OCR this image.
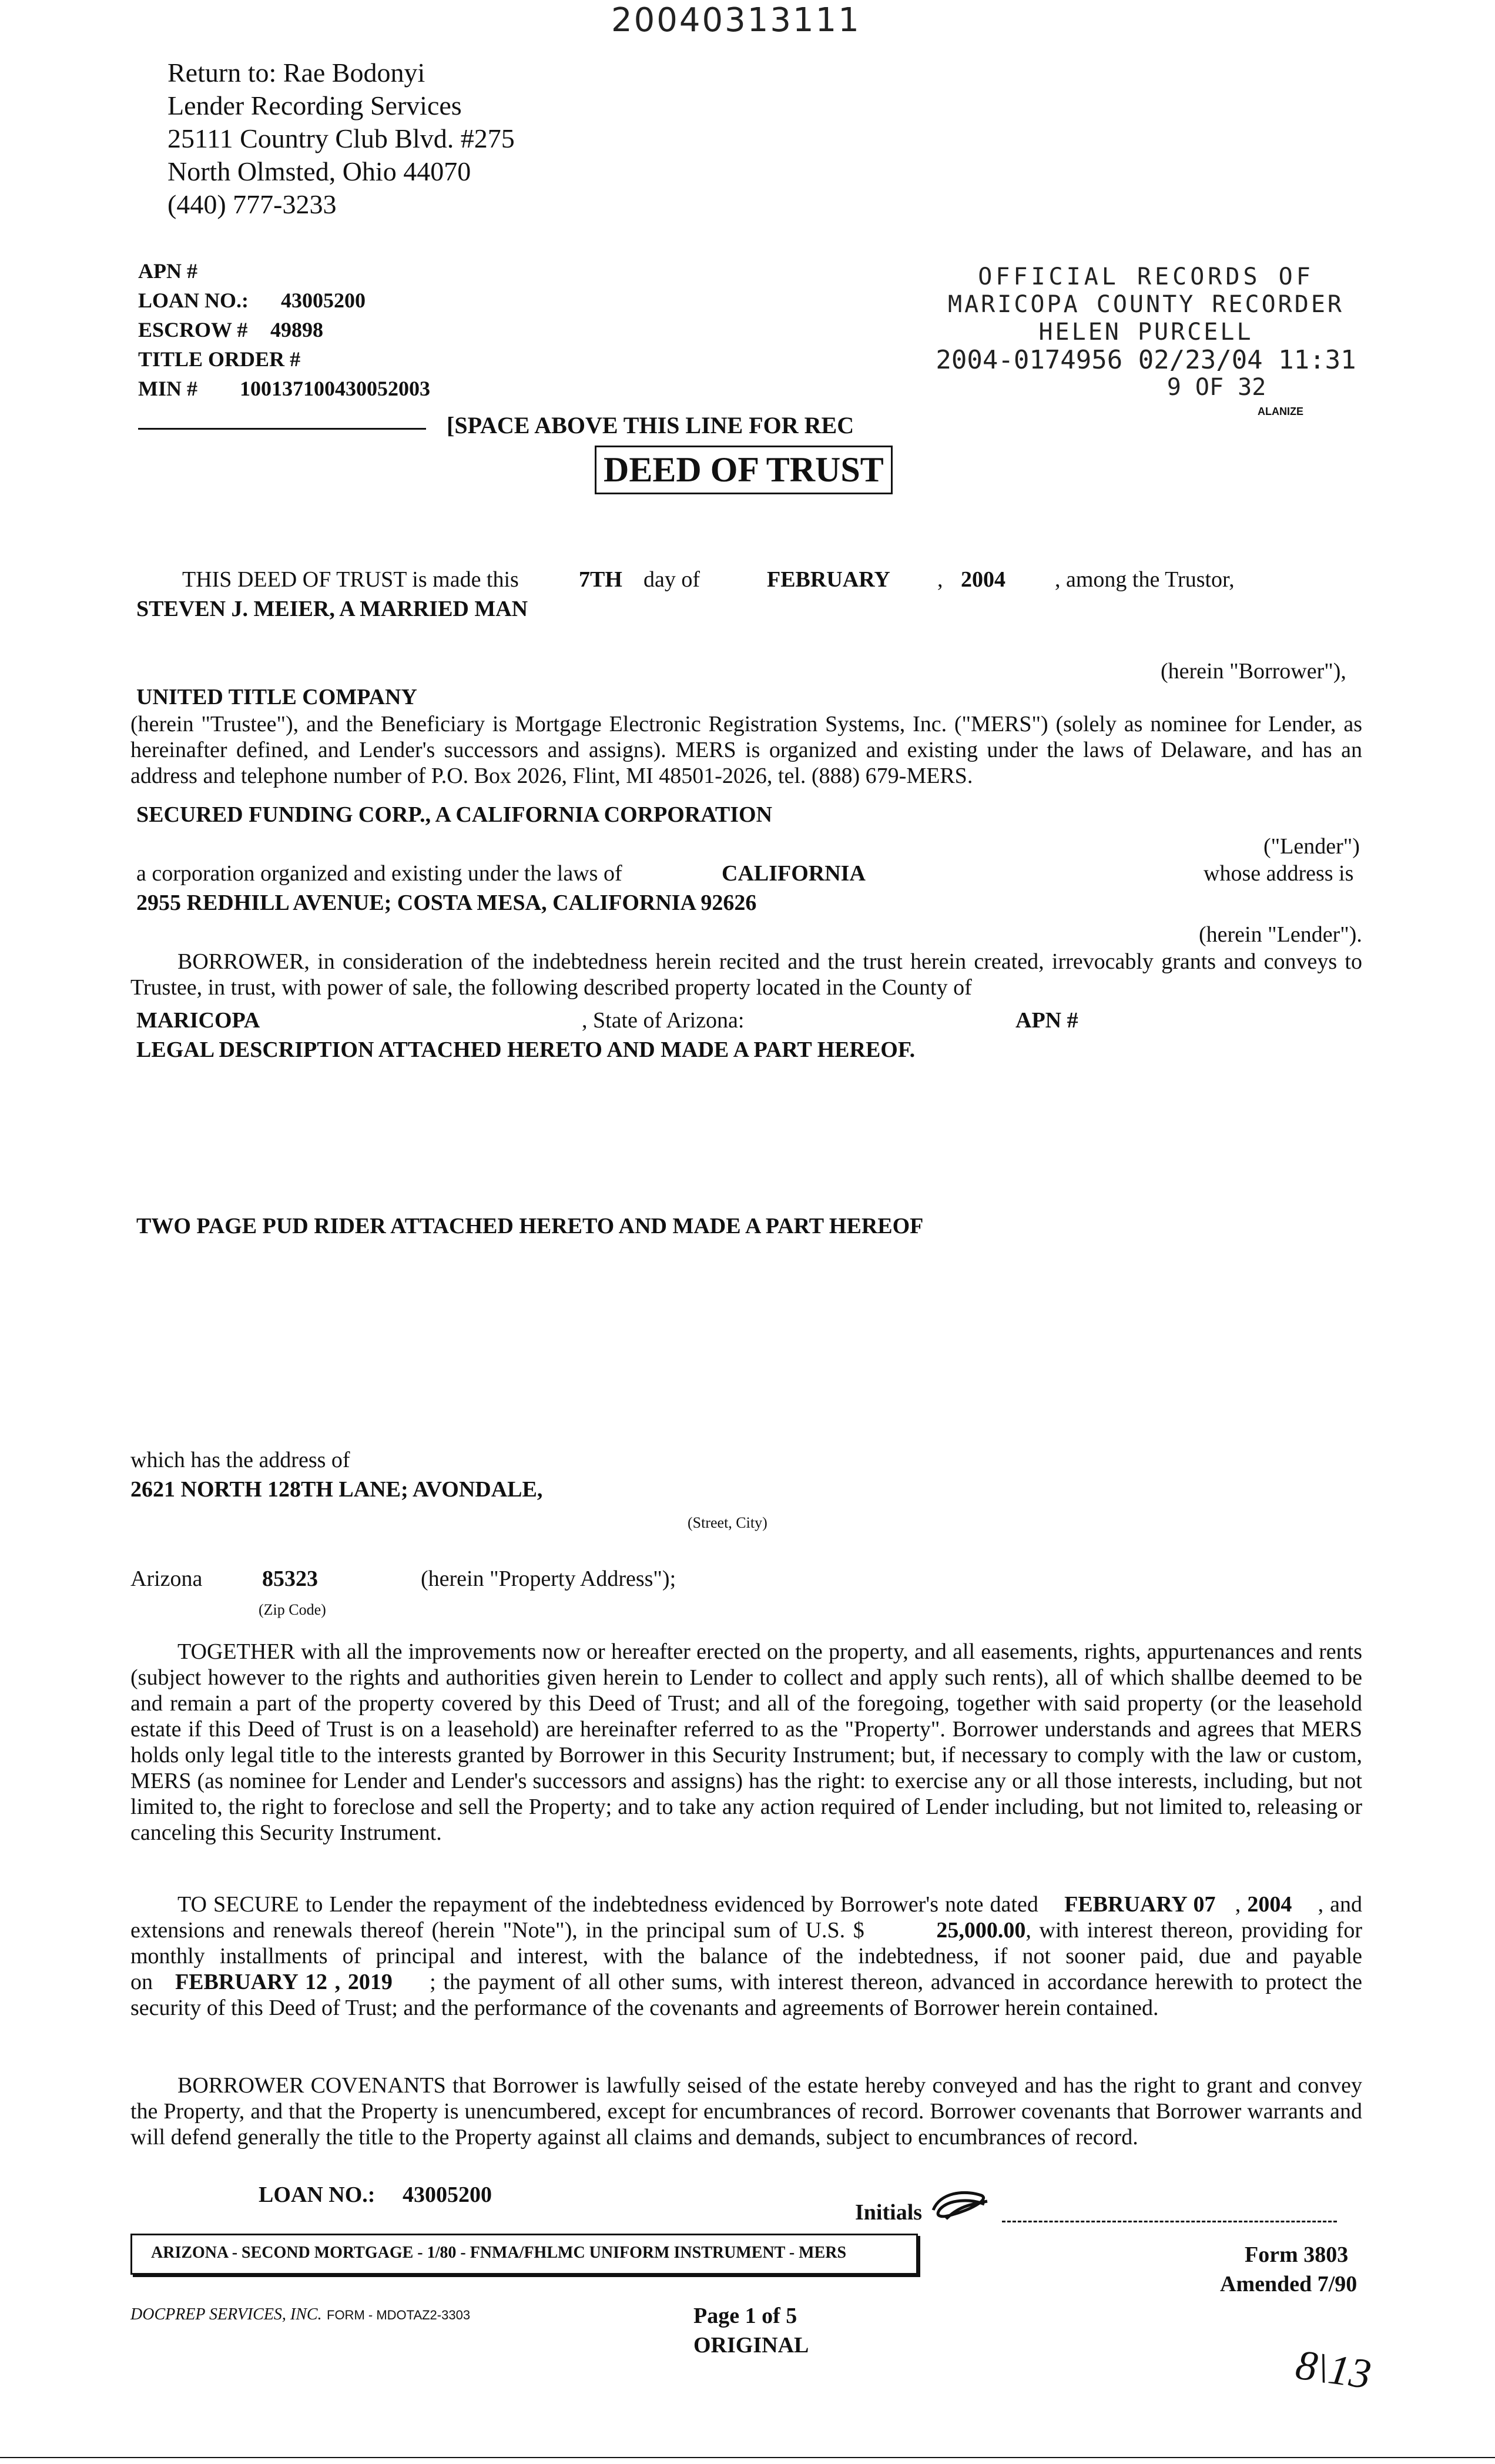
20040313111
Return to: Rae Bodonyi
Lender Recording Services
25111 Country Club Blvd. #275
North Olmsted, Ohio 44070
(440) 777-3233
APN #
LOAN NO.: 43005200
ESCROW # 49898
TITLE ORDER #
MIN # 100137100430052003
[SPACE ABOVE THIS LINE FOR REC
OFFICIAL RECORDS OF
MARICOPA COUNTY RECORDER
HELEN PURCELL
2004-0174956 02/23/04 11:31
9 OF 32
ALANIZE
DEED OF TRUST
THIS DEED OF TRUST is made this	7TH day of	FEBRUARY , 2004 , among the Trustor,
STEVEN J. MEIER, A MARRIED MAN
(herein "Borrower"),
UNITED TITLE COMPANY
(herein "Trustee"), and the Beneficiary is Mortgage Electronic Registration Systems, Inc. ("MERS") (solely as nominee for Lender, as hereinafter defined, and Lender's successors and assigns). MERS is organized and existing under the laws of Delaware, and has an address and telephone number of P.O. Box 2026, Flint, MI 48501-2026, tel. (888) 679-MERS.
SECURED FUNDING CORP., A CALIFORNIA CORPORATION
("Lender")
a corporation organized and existing under the laws of	CALIFORNIA	whose address is
2955 REDHILL AVENUE; COSTA MESA, CALIFORNIA 92626
(herein "Lender").

BORROWER, in consideration of the indebtedness herein recited and the trust herein created, irrevocably grants and conveys to Trustee, in trust, with power of sale, the following described property located in the County of

MARICOPA	, State of Arizona:	APN #
LEGAL DESCRIPTION ATTACHED HERETO AND MADE A PART HEREOF.
TWO PAGE PUD RIDER ATTACHED HERETO AND MADE A PART HEREOF
which has the address of
2621 NORTH 128TH LANE; AVONDALE,
(Street, City)
Arizona	85323	(herein "Property Address");
(Zip Code)

TOGETHER with all the improvements now or hereafter erected on the property, and all easements, rights, appurtenances and rents (subject however to the rights and authorities given herein to Lender to collect and apply such rents), all of which shallbe deemed to be and remain a part of the property covered by this Deed of Trust; and all of the foregoing, together with said property (or the leasehold estate if this Deed of Trust is on a leasehold) are hereinafter referred to as the "Property". Borrower understands and agrees that MERS holds only legal title to the interests granted by Borrower in this Security Instrument; but, if necessary to comply with the law or custom, MERS (as nominee for Lender and Lender's successors and assigns) has the right: to exercise any or all those interests, including, but not limited to, the right to foreclose and sell the Property; and to take any action required of Lender including, but not limited to, releasing or canceling this Security Instrument.

TO SECURE to Lender the repayment of the indebtedness evidenced by Borrower's note dated FEBRUARY 07 , 2004 , and extensions and renewals thereof (herein "Note"), in the principal sum of U.S. $	25,000.00, with interest thereon, providing for monthly installments of principal and interest, with the balance of the indebtedness, if not sooner paid, due and payable on FEBRUARY 12 , 2019 ; the payment of all other sums, with interest thereon, advanced in accordance herewith to protect the security of this Deed of Trust; and the performance of the covenants and agreements of Borrower herein contained.

BORROWER COVENANTS that Borrower is lawfully seised of the estate hereby conveyed and has the right to grant and convey the Property, and that the Property is unencumbered, except for encumbrances of record. Borrower covenants that Borrower warrants and will defend generally the title to the Property against all claims and demands, subject to encumbrances of record.

LOAN NO.: 43005200
Initials
ARIZONA - SECOND MORTGAGE - 1/80 - FNMA/FHLMC UNIFORM INSTRUMENT - MERS	Form 3803
Amended 7/90
DOCPREP SERVICES, INC. FORM - MDOTAZ2-3303	Page 1 of 5
ORIGINAL	8\13
